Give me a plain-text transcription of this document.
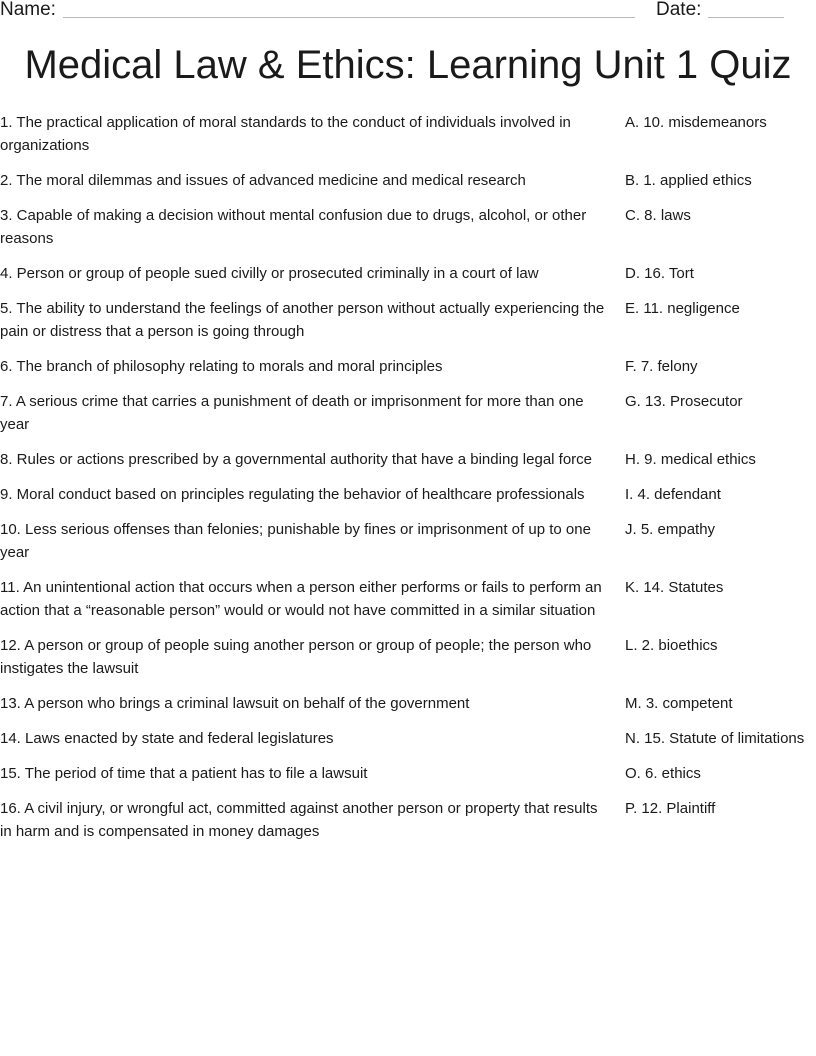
Name:	Date:
Medical Law & Ethics: Learning Unit 1 Quiz
1. The practical application of moral standards to the conduct of individuals involved in organizations
A. 10. misdemeanors
2. The moral dilemmas and issues of advanced medicine and medical research	B. 1. applied ethics
3. Capable of making a decision without mental confusion due to drugs, alcohol, or other reasons
C. 8. laws
4. Person or group of people sued civilly or prosecuted criminally in a court of law	D. 16. Tort
5. The ability to understand the feelings of another person without actually experiencing the pain or distress that a person is going through
E. 11. negligence
6. The branch of philosophy relating to morals and moral principles	F. 7. felony
7. A serious crime that carries a punishment of death or imprisonment for more than one year
G. 13. Prosecutor
8. Rules or actions prescribed by a governmental authority that have a binding legal force	H. 9. medical ethics
9. Moral conduct based on principles regulating the behavior of healthcare professionals	I. 4. defendant
10. Less serious offenses than felonies; punishable by fines or imprisonment of up to one year
J. 5. empathy
11. An unintentional action that occurs when a person either performs or fails to perform an action that a “reasonable person” would or would not have committed in a similar situation
K. 14. Statutes
12. A person or group of people suing another person or group of people; the person who instigates the lawsuit
L. 2. bioethics
13. A person who brings a criminal lawsuit on behalf of the government	M. 3. competent
14. Laws enacted by state and federal legislatures	N. 15. Statute of limitations
15. The period of time that a patient has to file a lawsuit	O. 6. ethics
16. A civil injury, or wrongful act, committed against another person or property that results in harm and is compensated in money damages
P. 12. Plaintiff
